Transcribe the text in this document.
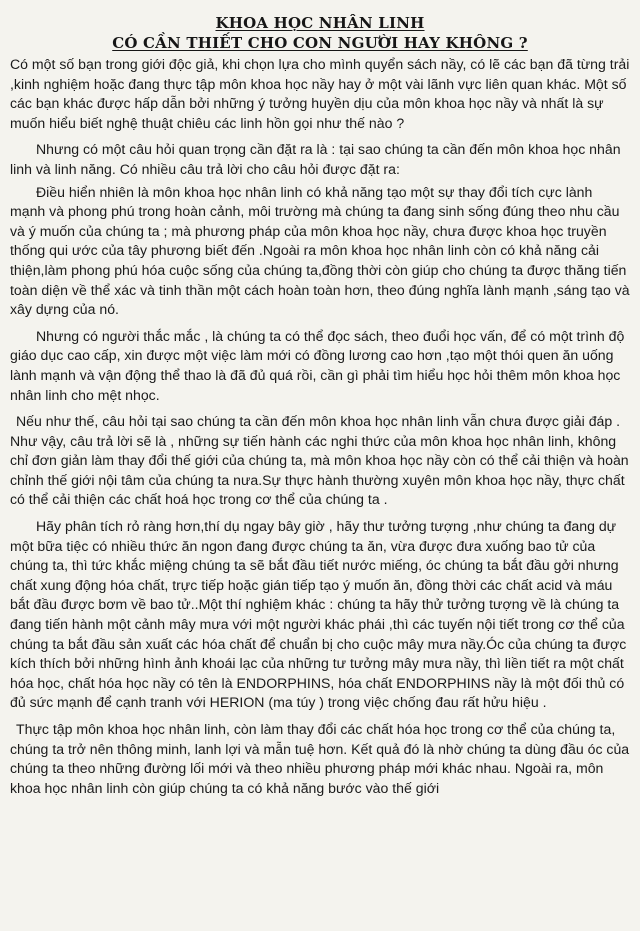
KHOA HỌC NHÂN LINH
CÓ CẦN THIẾT CHO CON NGƯỜI HAY KHÔNG ?

Có một số bạn trong giới độc giả, khi chọn lựa cho mình quyển sách nầy, có lẽ các bạn đã từng trải ,kinh nghiệm hoặc đang thực tập môn khoa học nầy hay ở một vài lãnh vực liên quan khác. Một số các bạn khác được hấp dẫn bởi những ý tưởng huyền dịu của môn khoa học nầy và nhất là sự muốn hiểu biết nghệ thuật chiêu các linh hồn gọi như thế nào ?

Nhưng có một câu hỏi quan trọng cần đặt ra là : tại sao chúng ta cần đến môn khoa học nhân linh và linh năng. Có nhiều câu trả lời cho câu hỏi được đặt ra:

Điều hiển nhiên là môn khoa học nhân linh có khả năng tạo một sự thay đổi tích cực lành mạnh và phong phú trong hoàn cảnh, môi trường mà chúng ta đang sinh sống đúng theo nhu cầu và ý muốn của chúng ta ; mà phương pháp của môn khoa học nầy, chưa được khoa học truyền thống qui ước của tây phương biết đến .Ngoài ra môn khoa học nhân linh còn có khả năng cải thiện,làm phong phú hóa cuộc sống của chúng ta,đồng thời còn giúp cho chúng ta được thăng tiến toàn diện về thể xác và tinh thần một cách hoàn toàn hơn, theo đúng nghĩa lành mạnh ,sáng tạo và xây dựng của nó.

Nhưng có người thắc mắc , là chúng ta có thể đọc sách, theo đuổi học vấn, để có một trình độ giáo dục cao cấp, xin được một việc làm mới có đồng lương cao hơn ,tạo một thói quen ăn uống lành mạnh và vận động thể thao là đã đủ quá rồi, cần gì phải tìm hiểu học hỏi thêm môn khoa học nhân linh cho mệt nhọc.

Nếu như thế, câu hỏi tại sao chúng ta cần đến môn khoa học nhân linh vẫn chưa được giải đáp . Như vậy, câu trả lời sẽ là , những sự tiến hành các nghi thức của môn khoa học nhân linh, không chỉ đơn giản làm thay đổi thế giới của chúng ta, mà môn khoa học nầy còn có thể cải thiện và hoàn chỉnh thế giới nội tâm của chúng ta nưa.Sự thực hành thường xuyên môn khoa học nầy, thực chất có thể cải thiện các chất hoá học trong cơ thể của chúng ta .

Hãy phân tích rỏ ràng hơn,thí dụ ngay bây giờ , hãy thư tưởng tượng ,như chúng ta đang dự một bữa tiệc có nhiều thức ăn ngon đang được chúng ta ăn, vừa được đưa xuống bao tử của chúng ta, thì tức khắc miệng chúng ta sẽ bắt đầu tiết nước miếng, óc chúng ta bắt đầu gởi nhưng chất xung động hóa chất, trực tiếp hoặc gián tiếp tạo ý muốn ăn, đồng thời các chất acid và máu bắt đầu được bơm về bao tử..Một thí nghiệm khác : chúng ta hãy thử tưởng tượng về là chúng ta đang tiến hành một cảnh mây mưa với một người khác phái ,thì các tuyến nội tiết trong cơ thể của chúng ta bắt đầu sản xuất các hóa chất để chuẩn bị cho cuộc mây mưa nầy.Óc của chúng ta được kích thích bởi những hình ảnh khoái lạc của những tư tưởng mây mưa nầy, thì liền tiết ra một chất hóa học, chất hóa học nầy có tên là ENDORPHINS, hóa chất ENDORPHINS nầy là một đối thủ có đủ sức mạnh để cạnh tranh với HERION (ma túy ) trong việc chống đau rất hửu hiệu .

Thực tập môn khoa học nhân linh, còn làm thay đổi các chất hóa học trong cơ thể của chúng ta, chúng ta trở nên thông minh, lanh lợi và mẫn tuệ hơn. Kết quả đó là nhờ chúng ta dùng đầu óc của chúng ta theo những đường lối mới và theo nhiều phương pháp mới khác nhau. Ngoài ra, môn khoa học nhân linh còn giúp chúng ta có khả năng bước vào thế giới
